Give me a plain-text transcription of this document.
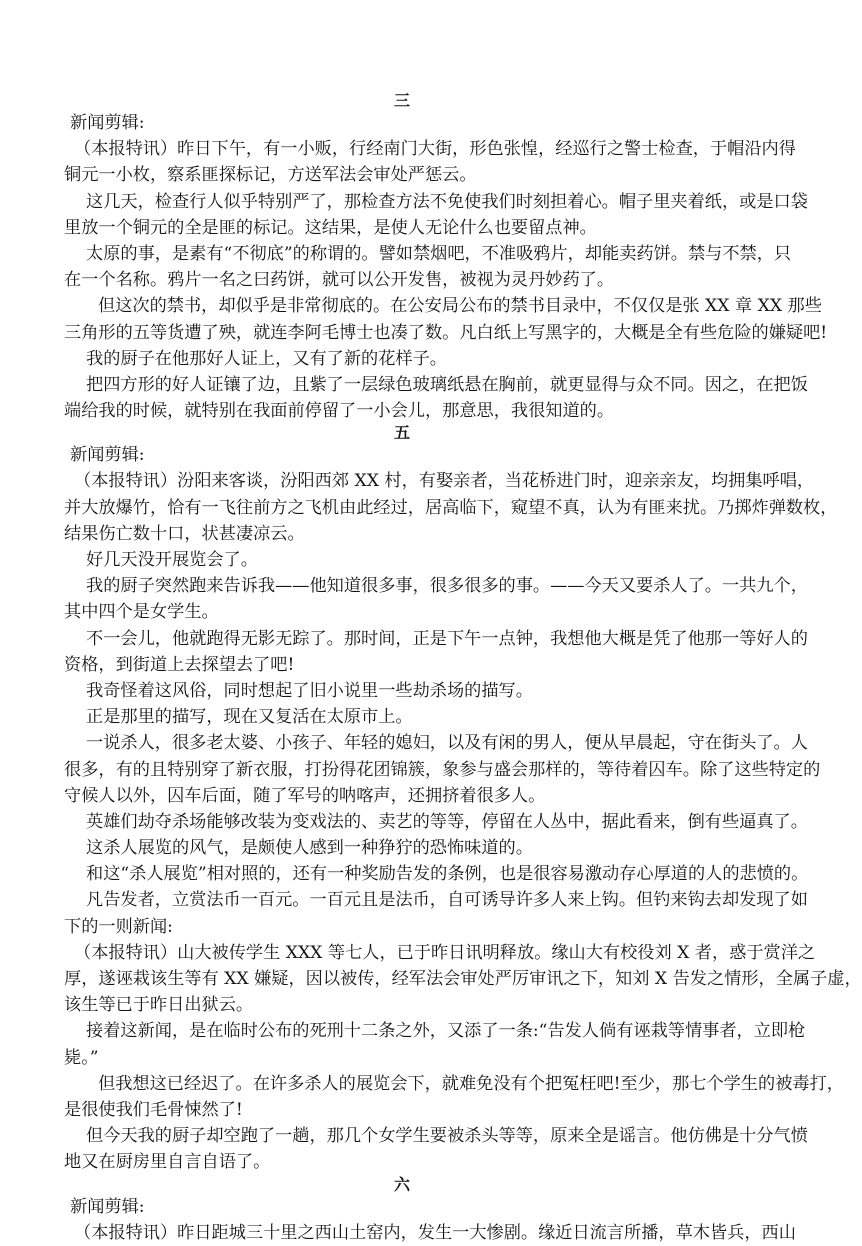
三
新闻剪辑:
（本报特讯）昨日下午，有一小贩，行经南门大街，形色张惶，经巡行之警士检查，于帽沿内得
铜元一小枚，察系匪探标记，方送军法会审处严惩云。
这几天，检查行人似乎特别严了，那检查方法不免使我们时刻担着心。帽子里夹着纸，或是口袋
里放一个铜元的全是匪的标记。这结果，是使人无论什么也要留点神。
太原的事，是素有“不彻底”的称谓的。譬如禁烟吧，不准吸鸦片，却能卖药饼。禁与不禁，只
在一个名称。鸦片一名之曰药饼，就可以公开发售，被视为灵丹妙药了。
但这次的禁书，却似乎是非常彻底的。在公安局公布的禁书目录中，不仅仅是张 XX 章 XX 那些
三角形的五等货遭了殃，就连李阿毛博士也凑了数。凡白纸上写黑字的，大概是全有些危险的嫌疑吧!
我的厨子在他那好人证上，又有了新的花样子。
把四方形的好人证镶了边，且紫了一层绿色玻璃纸悬在胸前，就更显得与众不同。因之，在把饭
端给我的时候，就特别在我面前停留了一小会儿，那意思，我很知道的。
五
新闻剪辑:
（本报特讯）汾阳来客谈，汾阳西郊 XX 村，有娶亲者，当花桥进门时，迎亲亲友，均拥集呼唱，
并大放爆竹，恰有一飞往前方之飞机由此经过，居高临下，窥望不真，认为有匪来扰。乃掷炸弹数枚，
结果伤亡数十口，状甚凄凉云。
好几天没开展览会了。
我的厨子突然跑来告诉我——他知道很多事，很多很多的事。——今天又要杀人了。一共九个，
其中四个是女学生。
不一会儿，他就跑得无影无踪了。那时间，正是下午一点钟，我想他大概是凭了他那一等好人的
资格，到街道上去探望去了吧!
我奇怪着这风俗，同时想起了旧小说里一些劫杀场的描写。
正是那里的描写，现在又复活在太原市上。
一说杀人，很多老太婆、小孩子、年轻的媳妇，以及有闲的男人，便从早晨起，守在街头了。人
很多，有的且特别穿了新衣服，打扮得花团锦簇，象参与盛会那样的，等待着囚车。除了这些特定的
守候人以外，囚车后面，随了军号的呐喀声，还拥挤着很多人。
英雄们劫夺杀场能够改装为变戏法的、卖艺的等等，停留在人丛中，据此看来，倒有些逼真了。
这杀人展览的风气，是颇使人感到一种狰狞的恐怖味道的。
和这“杀人展览”相对照的，还有一种奖励告发的条例，也是很容易激动存心厚道的人的悲愤的。
凡告发者，立赏法币一百元。一百元且是法币，自可诱导许多人来上钩。但钓来钩去却发现了如
下的一则新闻:
（本报特讯）山大被传学生 XXX 等七人，已于昨日讯明释放。缘山大有校役刘 X 者，惑于赏洋之
厚，遂诬栽该生等有 XX 嫌疑，因以被传，经军法会审处严厉审讯之下，知刘 X 告发之情形，全属子虚，
该生等已于昨日出狱云。
接着这新闻，是在临时公布的死刑十二条之外，又添了一条:“告发人倘有诬栽等情事者，立即枪
毙。”
但我想这已经迟了。在许多杀人的展览会下，就难免没有个把冤枉吧!至少，那七个学生的被毒打，
是很使我们毛骨悚然了!
但今天我的厨子却空跑了一趟，那几个女学生要被杀头等等，原来全是谣言。他仿佛是十分气愤
地又在厨房里自言自语了。
六
新闻剪辑:
（本报特讯）昨日距城三十里之西山土窑内，发生一大惨剧。缘近日流言所播，草木皆兵，西山
